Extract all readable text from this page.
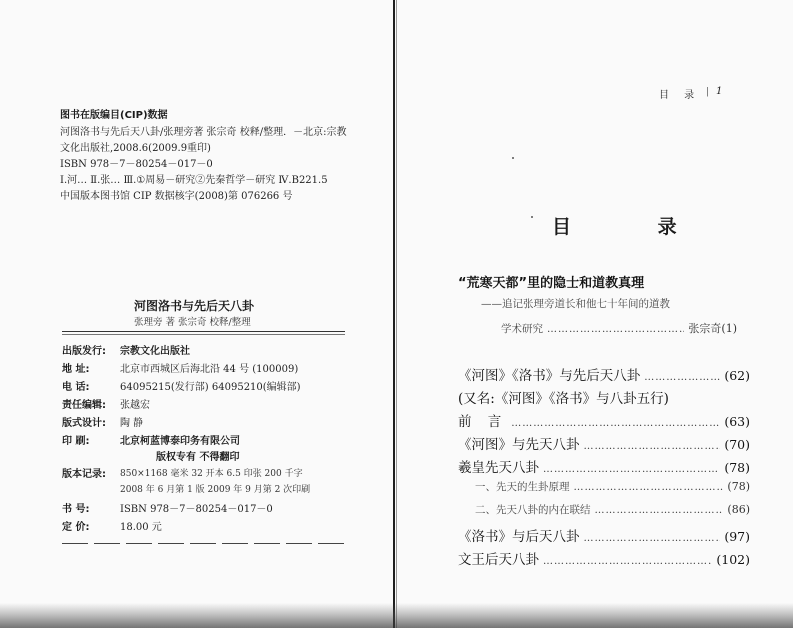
图书在版编目(CIP)数据
河图洛书与先后天八卦/张理旁著 张宗奇 校释/整理．－北京:宗教
文化出版社,2008.6(2009.9重印)
ISBN 978－7－80254－017－0
Ⅰ.河… Ⅱ.张… Ⅲ.①周易－研究②先秦哲学－研究 Ⅳ.B221.5
中国版本图书馆 CIP 数据核字(2008)第 076266 号
河图洛书与先后天八卦
张理旁 著 张宗奇 校释/整理
出版发行: 宗教文化出版社
地 址:	北京市西城区后海北沿 44 号 (100009)
电 话:	64095215(发行部) 64095210(编辑部)
责任编辑: 张越宏
版式设计: 陶 静
印 刷:	北京柯蓝博泰印务有限公司
版权专有 不得翻印
版本记录: 850×1168 毫米 32 开本 6.5 印张 200 千字
2008 年 6 月第 1 版 2009 年 9 月第 2 次印刷
书 号:	ISBN 978－7－80254－017－0
定 价:	18.00 元
目 录 | 1
目 录
“荒寒天都”里的隐士和道教真理
——追记张理旁道长和他七十年间的道教
学术研究 ……………………………………………………………………………………………………………………………………	张宗奇(1)
《河图》《洛书》与先后天八卦 ……………………………………………………………………………………………………………………………………	(62)
(又名:《河图》《洛书》与八卦五行)
前 言 ……………………………………………………………………………………………………………………………………	(63)
《河图》与先天八卦 ……………………………………………………………………………………………………………………………………	(70)
羲皇先天八卦 ……………………………………………………………………………………………………………………………………	(78)
一、先天的生卦原理 ……………………………………………………………………………………………………………………………………	(78)
二、先天八卦的内在联结 ……………………………………………………………………………………………………………………………………	(86)
《洛书》与后天八卦 ……………………………………………………………………………………………………………………………………	(97)
文王后天八卦 ……………………………………………………………………………………………………………………………………	(102)
